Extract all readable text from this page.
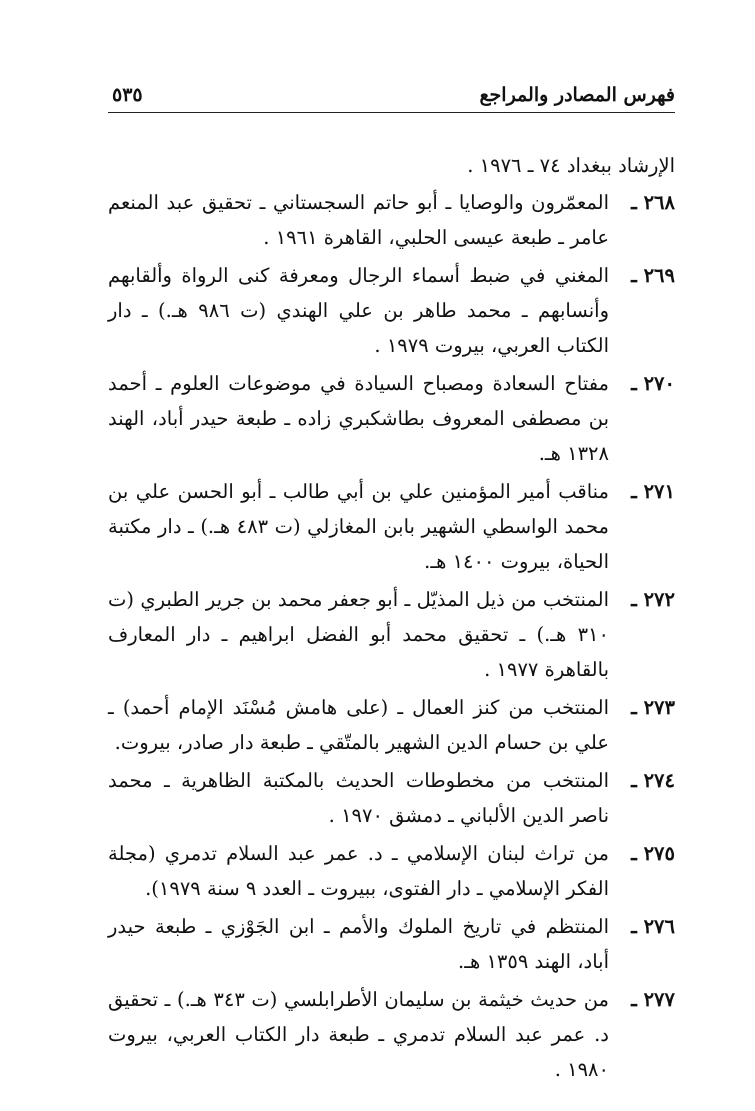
فهرس المصادر والمراجع
٥٣٥

الإرشاد ببغداد ٧٤ ـ ١٩٧٦ .

٢٦٨ ـ
المعمّرون والوصايا ـ أبو حاتم السجستاني ـ تحقيق عبد المنعم عامر ـ طبعة عيسى الحلبي، القاهرة ١٩٦١ .
٢٦٩ ـ
المغني في ضبط أسماء الرجال ومعرفة كنى الرواة وألقابهم وأنسابهم ـ محمد طاهر بن علي الهندي (ت ٩٨٦ هـ.) ـ دار الكتاب العربي، بيروت ١٩٧٩ .
٢٧٠ ـ
مفتاح السعادة ومصباح السيادة في موضوعات العلوم ـ أحمد بن مصطفى المعروف بطاشكبري زاده ـ طبعة حيدر أباد، الهند ١٣٢٨ هـ.
٢٧١ ـ
مناقب أمير المؤمنين علي بن أبي طالب ـ أبو الحسن علي بن محمد الواسطي الشهير بابن المغازلي (ت ٤٨٣ هـ.) ـ دار مكتبة الحياة، بيروت ١٤٠٠ هـ.
٢٧٢ ـ
المنتخب من ذيل المذيّل ـ أبو جعفر محمد بن جرير الطبري (ت ٣١٠ هـ.) ـ تحقيق محمد أبو الفضل ابراهيم ـ دار المعارف بالقاهرة ١٩٧٧ .
٢٧٣ ـ
المنتخب من كنز العمال ـ (على هامش مُسْنَد الإمام أحمد) ـ علي بن حسام الدين الشهير بالمتّقي ـ طبعة دار صادر، بيروت.
٢٧٤ ـ
المنتخب من مخطوطات الحديث بالمكتبة الظاهرية ـ محمد ناصر الدين الألباني ـ دمشق ١٩٧٠ .
٢٧٥ ـ
من تراث لبنان الإسلامي ـ د. عمر عبد السلام تدمري (مجلة الفكر الإسلامي ـ دار الفتوى، ببيروت ـ العدد ٩ سنة ١٩٧٩).
٢٧٦ ـ
المنتظم في تاريخ الملوك والأمم ـ ابن الجَوْزي ـ طبعة حيدر أباد، الهند ١٣٥٩ هـ.
٢٧٧ ـ
من حديث خيثمة بن سليمان الأطرابلسي (ت ٣٤٣ هـ.) ـ تحقيق د. عمر عبد السلام تدمري ـ طبعة دار الكتاب العربي، بيروت ١٩٨٠ .
